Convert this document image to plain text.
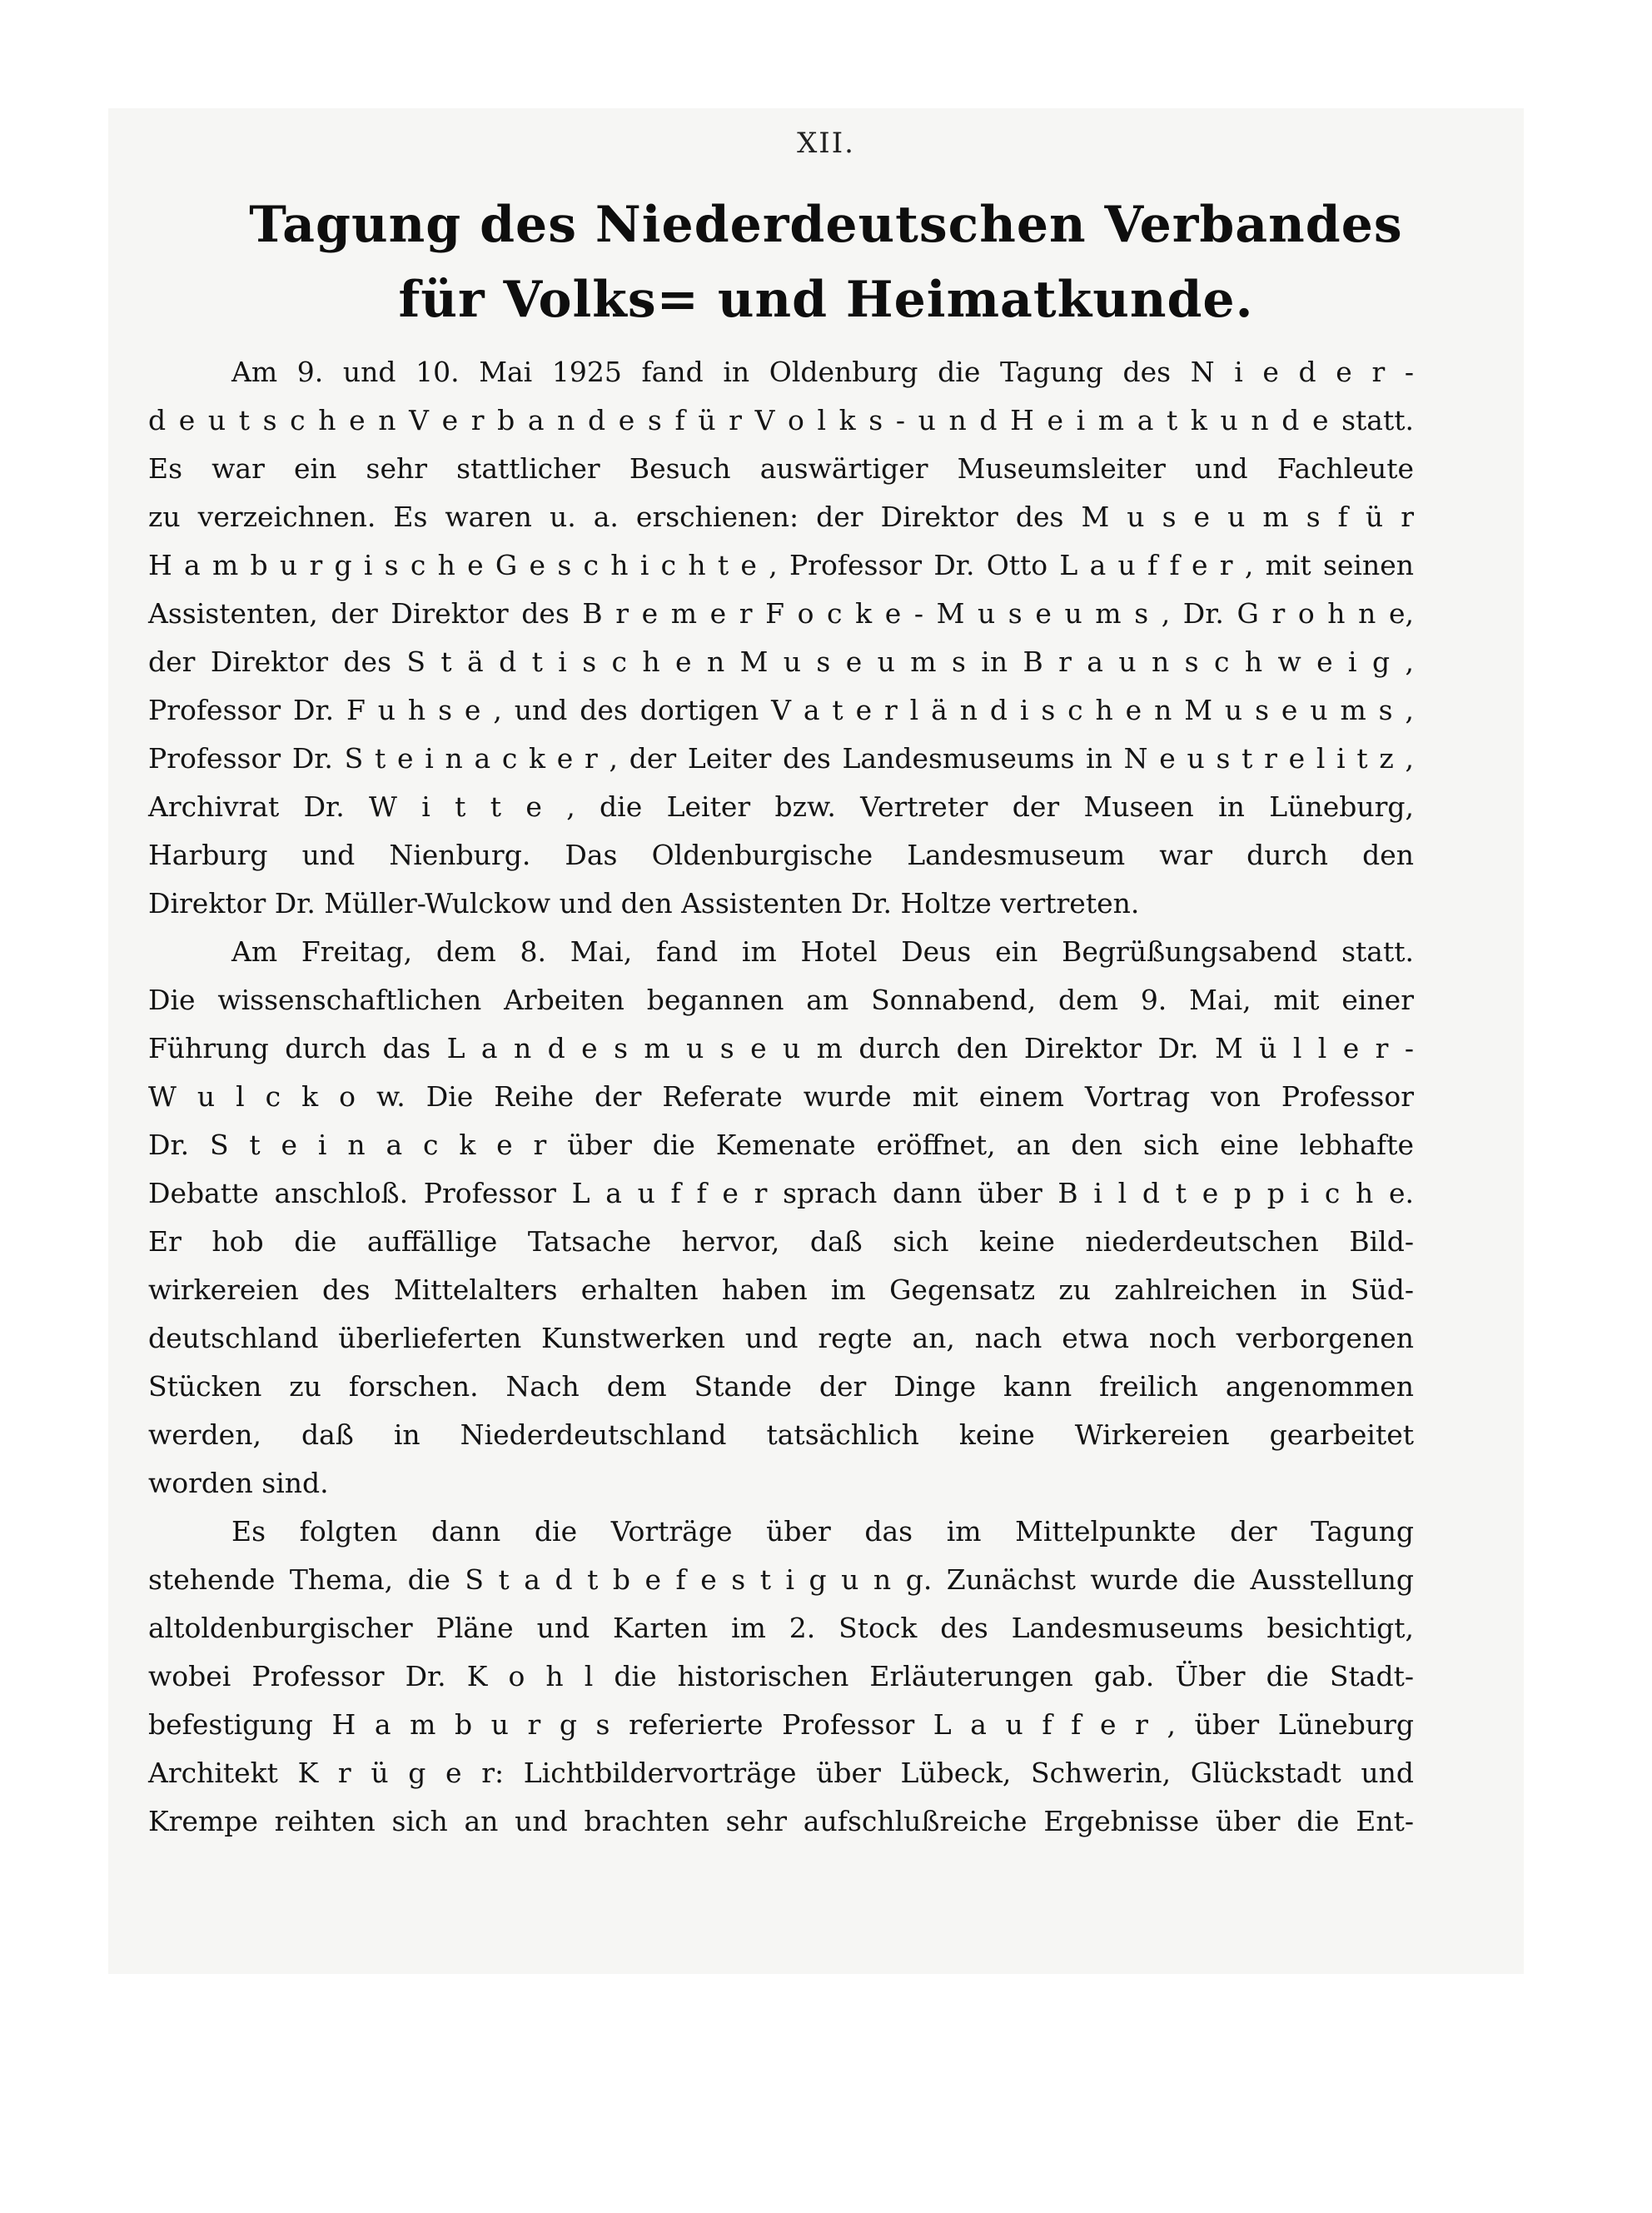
XII.
Tagung des Niederdeutschen Verbandes
für Volks= und Heimatkunde.
Am 9. und 10. Mai 1925 fand in Oldenburg die Tagung des N i e d e r -
d e u t s c h e n V e r b a n d e s f ü r V o l k s - u n d H e i m a t k u n d e statt.
Es war ein sehr stattlicher Besuch auswärtiger Museumsleiter und Fachleute
zu verzeichnen. Es waren u. a. erschienen: der Direktor des M u s e u m s f ü r
H a m b u r g i s c h e G e s c h i c h t e , Professor Dr. Otto L a u f f e r , mit seinen
Assistenten, der Direktor des B r e m e r F o c k e - M u s e u m s , Dr. G r o h n e,
der Direktor des S t ä d t i s c h e n M u s e u m s in B r a u n s c h w e i g ,
Professor Dr. F u h s e , und des dortigen V a t e r l ä n d i s c h e n M u s e u m s ,
Professor Dr. S t e i n a c k e r , der Leiter des Landesmuseums in N e u s t r e l i t z ,
Archivrat Dr. W i t t e , die Leiter bzw. Vertreter der Museen in Lüneburg,
Harburg und Nienburg. Das Oldenburgische Landesmuseum war durch den
Direktor Dr. Müller-Wulckow und den Assistenten Dr. Holtze vertreten.
Am Freitag, dem 8. Mai, fand im Hotel Deus ein Begrüßungsabend statt.
Die wissenschaftlichen Arbeiten begannen am Sonnabend, dem 9. Mai, mit einer
Führung durch das L a n d e s m u s e u m durch den Direktor Dr. M ü l l e r -
W u l c k o w. Die Reihe der Referate wurde mit einem Vortrag von Professor
Dr. S t e i n a c k e r über die Kemenate eröffnet, an den sich eine lebhafte
Debatte anschloß. Professor L a u f f e r sprach dann über B i l d t e p p i c h e.
Er hob die auffällige Tatsache hervor, daß sich keine niederdeutschen Bild-
wirkereien des Mittelalters erhalten haben im Gegensatz zu zahlreichen in Süd-
deutschland überlieferten Kunstwerken und regte an, nach etwa noch verborgenen
Stücken zu forschen. Nach dem Stande der Dinge kann freilich angenommen
werden, daß in Niederdeutschland tatsächlich keine Wirkereien gearbeitet
worden sind.
Es folgten dann die Vorträge über das im Mittelpunkte der Tagung
stehende Thema, die S t a d t b e f e s t i g u n g. Zunächst wurde die Ausstellung
altoldenburgischer Pläne und Karten im 2. Stock des Landesmuseums besichtigt,
wobei Professor Dr. K o h l die historischen Erläuterungen gab. Über die Stadt-
befestigung H a m b u r g s referierte Professor L a u f f e r , über Lüneburg
Architekt K r ü g e r: Lichtbildervorträge über Lübeck, Schwerin, Glückstadt und
Krempe reihten sich an und brachten sehr aufschlußreiche Ergebnisse über die Ent-
